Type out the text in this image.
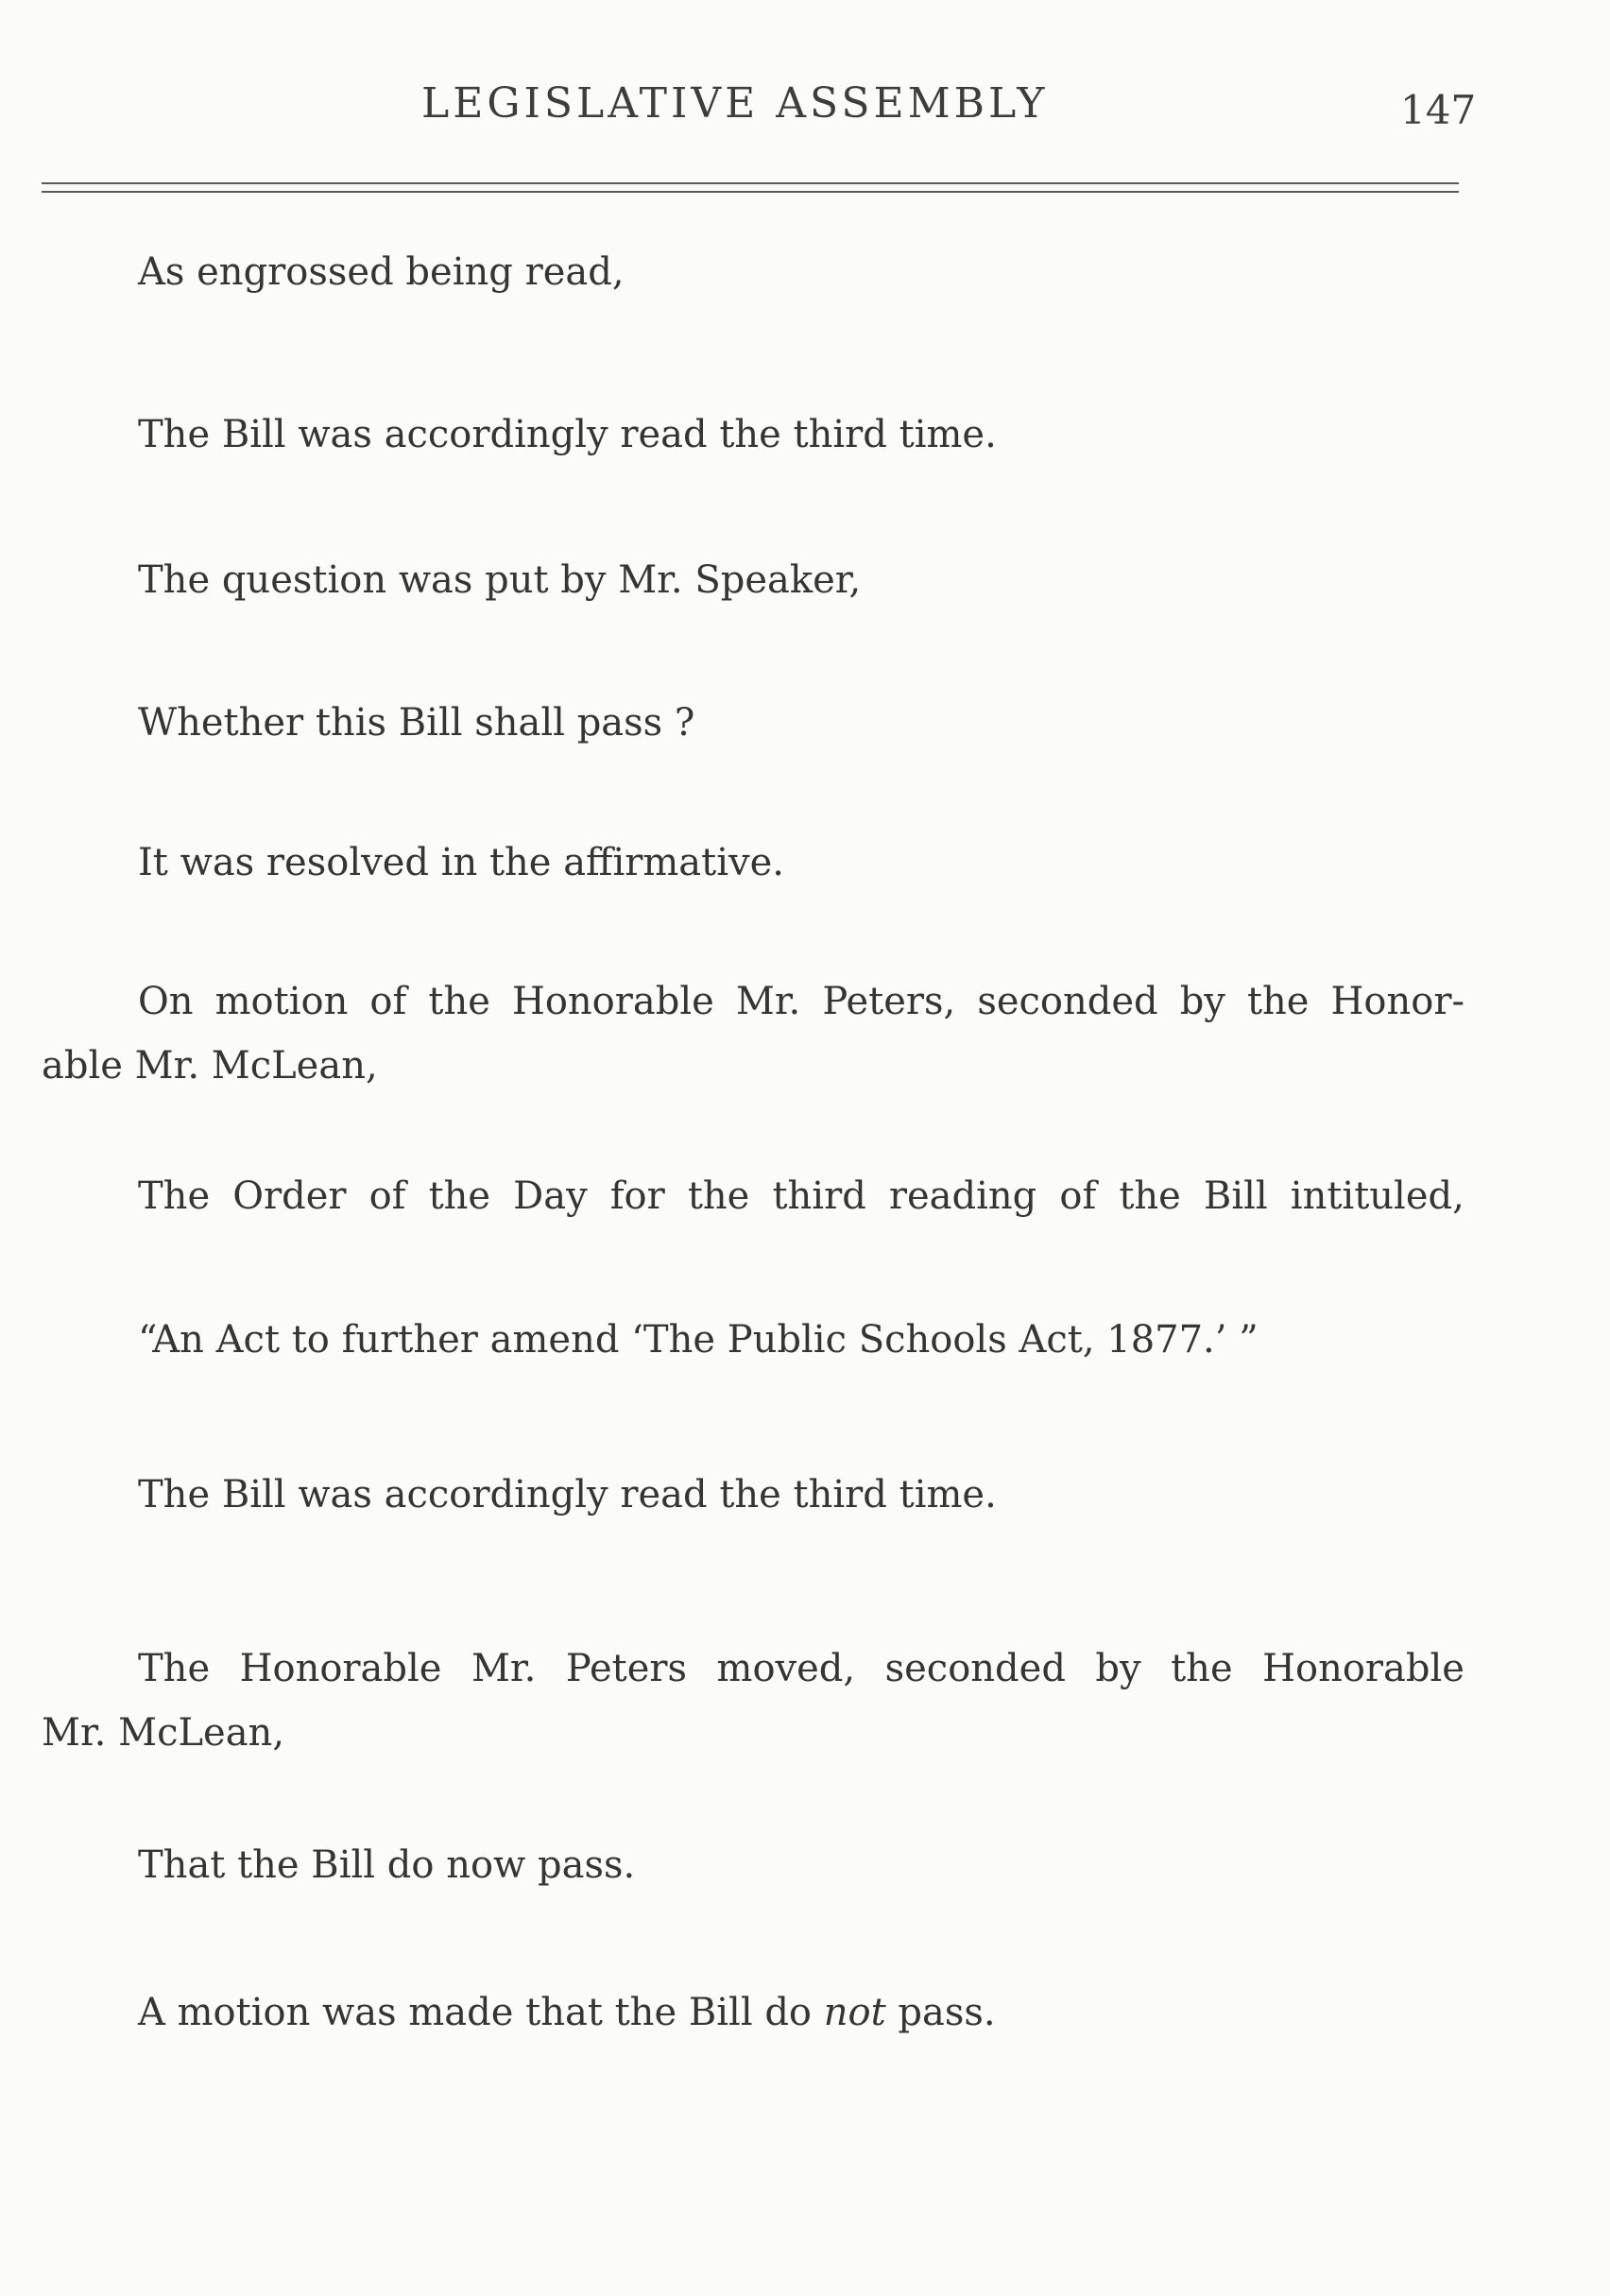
LEGISLATIVE ASSEMBLY	147
As engrossed being read,
The Bill was accordingly read the third time.
The question was put by Mr. Speaker,
Whether this Bill shall pass ?
It was resolved in the affirmative.
On motion of the Honorable Mr. Peters, seconded by the Honor-
able Mr. McLean,
The Order of the Day for the third reading of the Bill intituled,
“An Act to further amend ‘The Public Schools Act, 1877.’ ”
The Bill was accordingly read the third time.
The Honorable Mr. Peters moved, seconded by the Honorable
Mr. McLean,
That the Bill do now pass.
A motion was made that the Bill do not pass.
